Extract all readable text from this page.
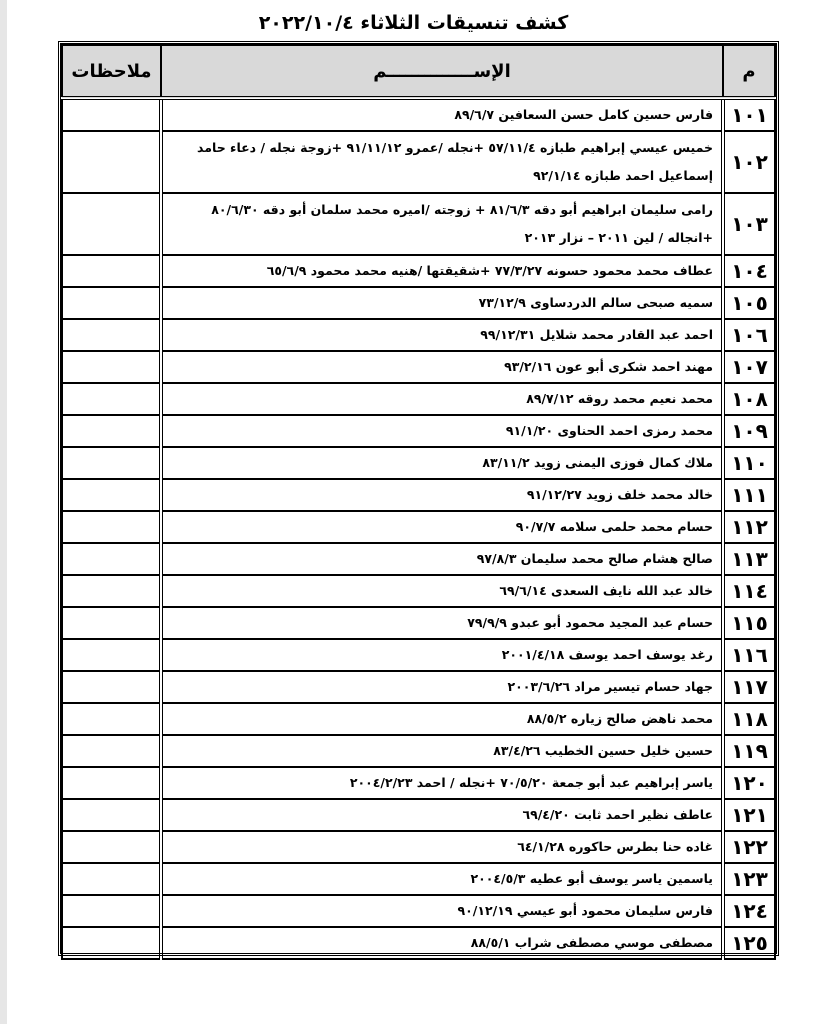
كشف تنسيقات الثلاثاء ٢٠٢٢/١٠/٤
م	الإســــــــــــــم	ملاحظات
١٠١	فارس حسين كامل حسن السعافين ٨٩/٦/٧	
١٠٢	خميس عيسي إبراهيم طبازه ٥٧/١١/٤ +نجله /عمرو ٩١/١١/١٢ +زوجة نجله / دعاء حامد إسماعيل احمد طبازه ٩٢/١/١٤	
١٠٣	رامى سليمان ابراهيم أبو دقه ٨١/٦/٣ + زوجته /اميره محمد سلمان أبو دقه ٨٠/٦/٣٠ +انجاله / لين ٢٠١١ – نزار ٢٠١٣	
١٠٤	عطاف محمد محمود حسونه ٧٧/٣/٢٧ +شقيقتها /هنيه محمد محمود ٦٥/٦/٩	
١٠٥	سميه صبحى سالم الدردساوى ٧٣/١٢/٩	
١٠٦	احمد عبد القادر محمد شلايل ٩٩/١٢/٣١	
١٠٧	مهند احمد شكرى أبو عون ٩٣/٢/١٦	
١٠٨	محمد نعيم محمد روقه ٨٩/٧/١٢	
١٠٩	محمد رمزى احمد الحناوى ٩١/١/٢٠	
١١٠	ملاك كمال فوزى اليمنى زويد ٨٣/١١/٢	
١١١	خالد محمد خلف زويد ٩١/١٢/٢٧	
١١٢	حسام محمد حلمى سلامه ٩٠/٧/٧	
١١٣	صالح هشام صالح محمد سليمان ٩٧/٨/٣	
١١٤	خالد عبد الله نايف السعدى ٦٩/٦/١٤	
١١٥	حسام عبد المجيد محمود أبو عبدو ٧٩/٩/٩	
١١٦	رغد يوسف احمد يوسف ٢٠٠١/٤/١٨	
١١٧	جهاد حسام تيسير مراد ٢٠٠٣/٦/٢٦	
١١٨	محمد ناهض صالح زياره ٨٨/٥/٢	
١١٩	حسين خليل حسين الخطيب ٨٣/٤/٢٦	
١٢٠	ياسر إبراهيم عبد أبو جمعة ٧٠/٥/٢٠ +نجله / احمد ٢٠٠٤/٢/٢٣	
١٢١	عاطف نظير احمد ثابت ٦٩/٤/٢٠	
١٢٢	غاده حنا بطرس حاكوره ٦٤/١/٢٨	
١٢٣	ياسمين ياسر يوسف أبو عطيه ٢٠٠٤/٥/٣	
١٢٤	فارس سليمان محمود أبو عيسي ٩٠/١٢/١٩	
١٢٥	مصطفى موسي مصطفى شراب ٨٨/٥/١	
